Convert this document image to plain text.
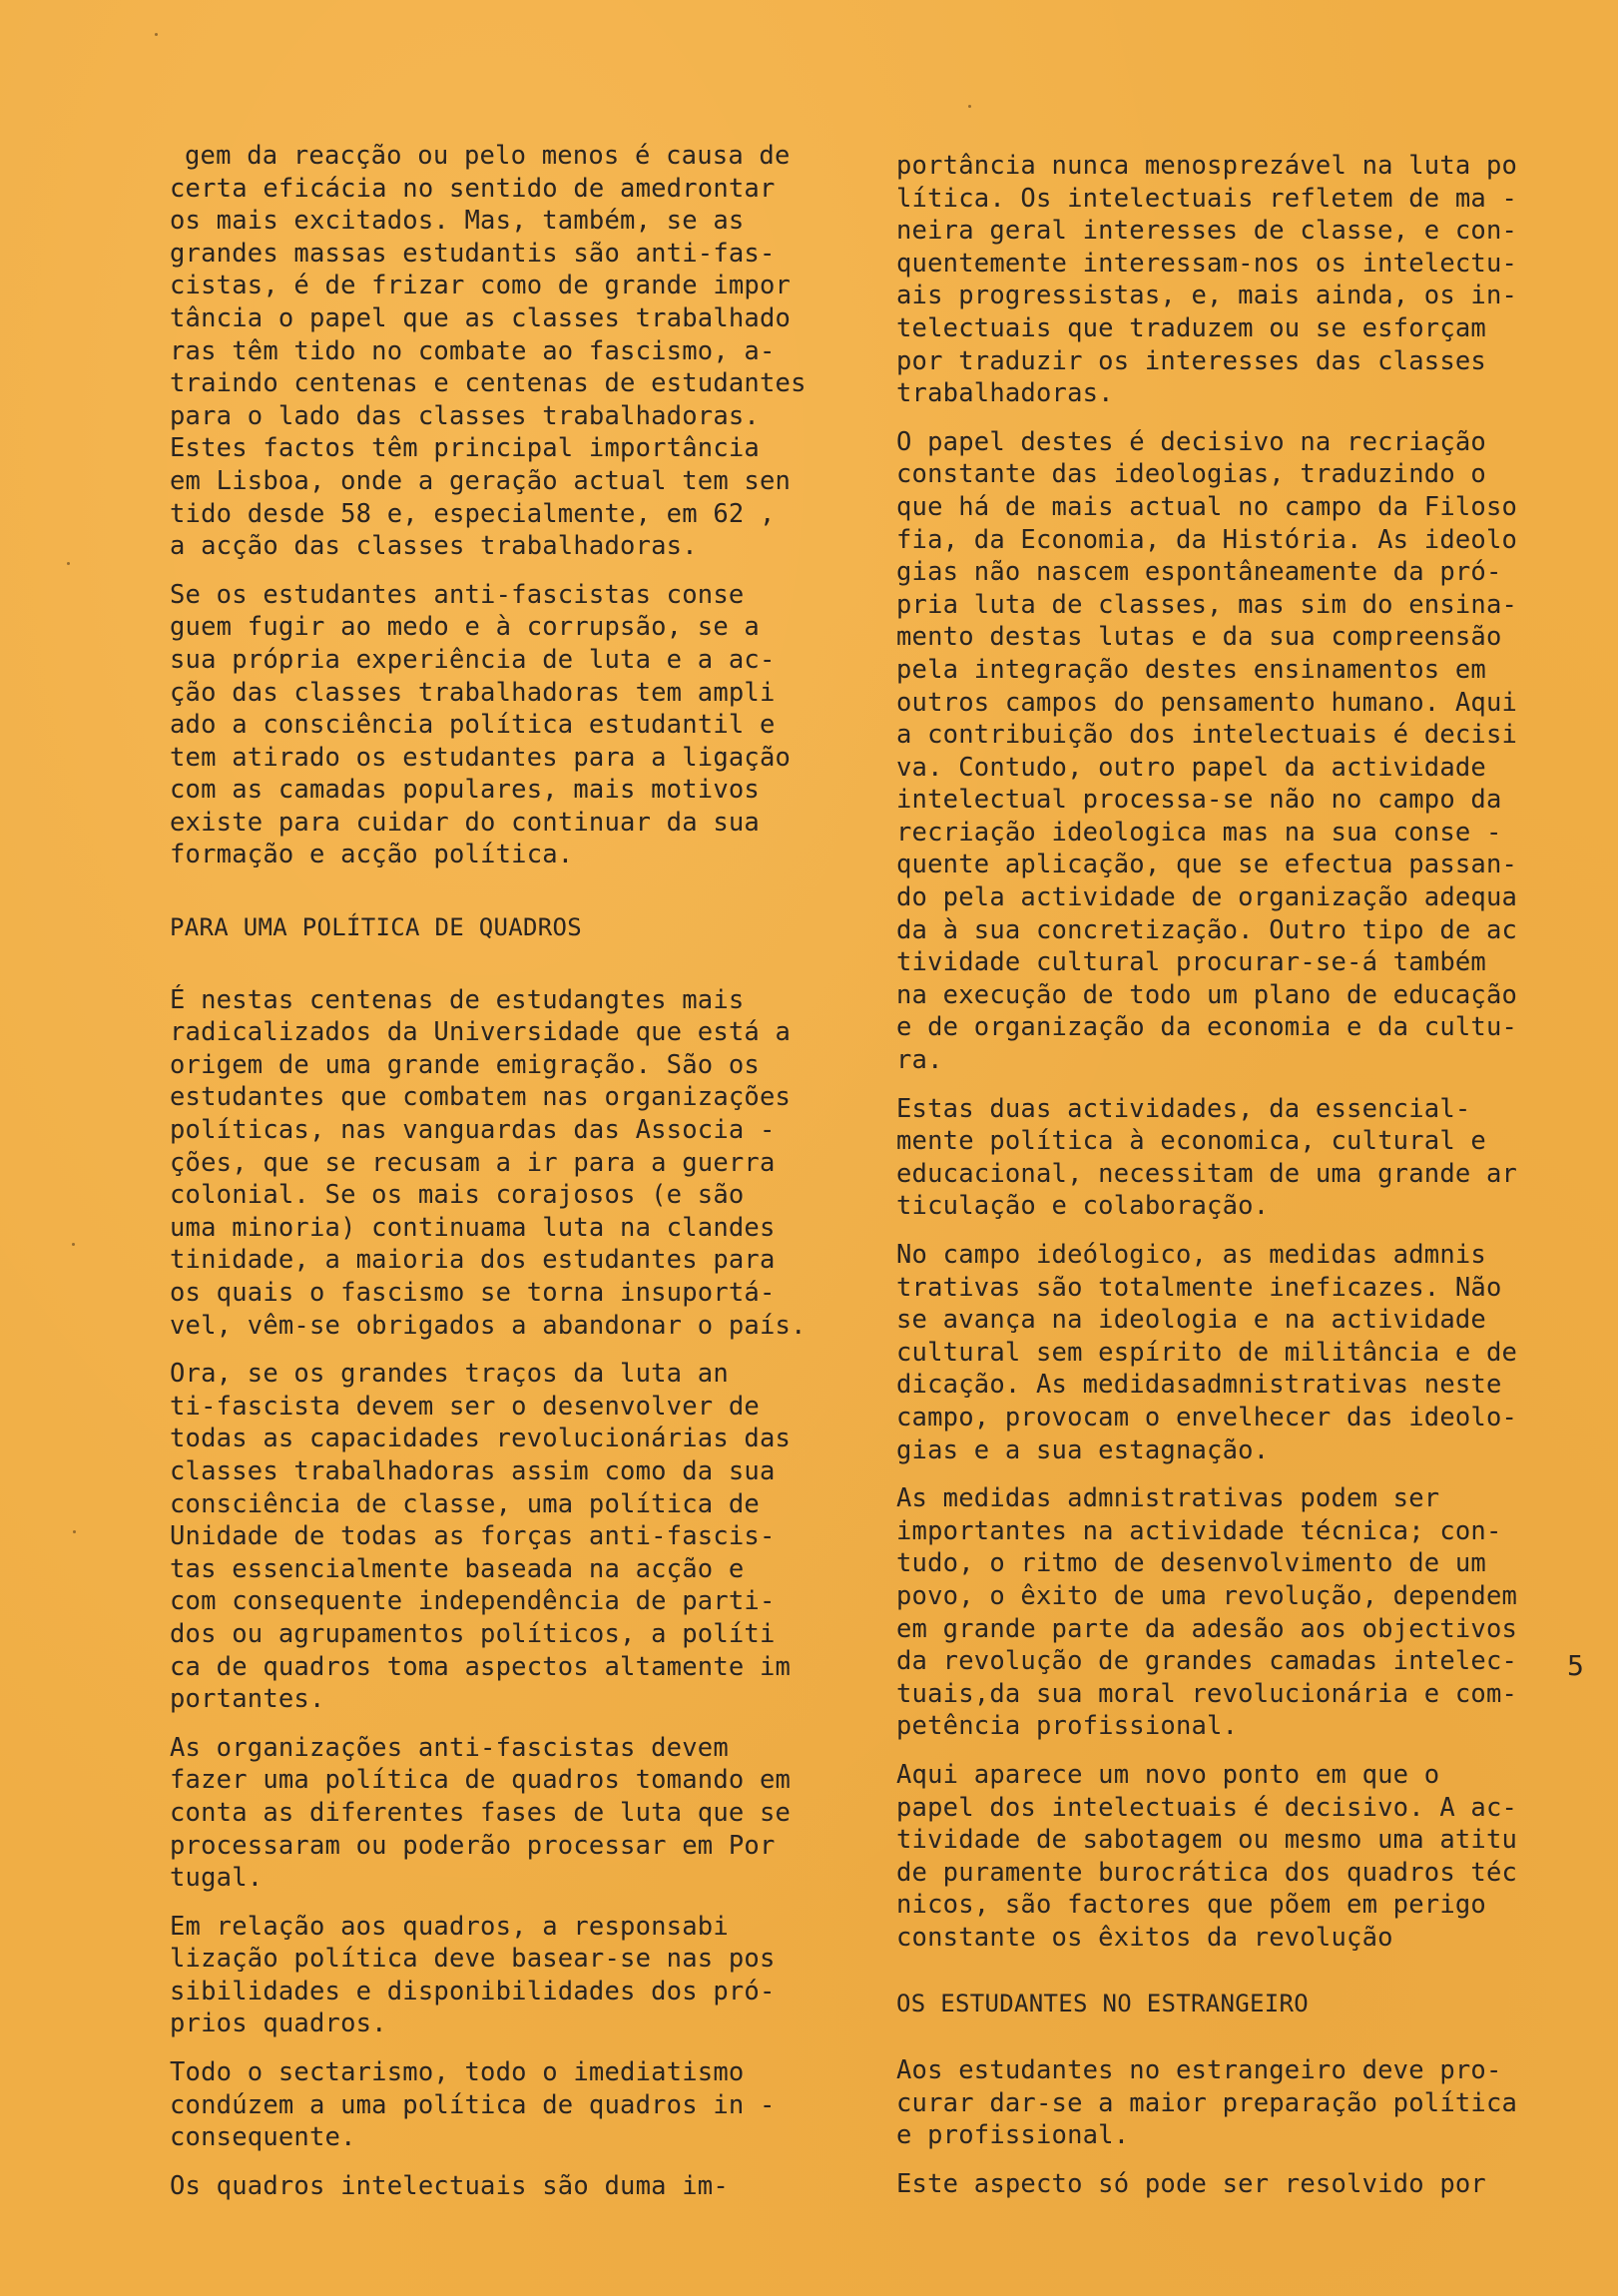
gem da reacção ou pelo menos é causa de
certa eficácia no sentido de amedrontar
os mais excitados. Mas, também, se as
grandes massas estudantis são anti-fas-
cistas, é de frizar como de grande impor
tância o papel que as classes trabalhado
ras têm tido no combate ao fascismo, a-
traindo centenas e centenas de estudantes
para o lado das classes trabalhadoras.
Estes factos têm principal importância
em Lisboa, onde a geração actual tem sen
tido desde 58 e, especialmente, em 62 ,
a acção das classes trabalhadoras.

Se os estudantes anti-fascistas conse
guem fugir ao medo e à corrupsão, se a
sua própria experiência de luta e a ac-
ção das classes trabalhadoras tem ampli
ado a consciência política estudantil e
tem atirado os estudantes para a ligação
com as camadas populares, mais motivos
existe para cuidar do continuar da sua
formação e acção política.

PARA UMA POLÍTICA DE QUADROS

É nestas centenas de estudangtes mais
radicalizados da Universidade que está a
origem de uma grande emigração. São os
estudantes que combatem nas organizações
políticas, nas vanguardas das Associa -
ções, que se recusam a ir para a guerra
colonial. Se os mais corajosos (e são
uma minoria) continuama luta na clandes
tinidade, a maioria dos estudantes para
os quais o fascismo se torna insuportá-
vel, vêm-se obrigados a abandonar o país.

Ora, se os grandes traços da luta an
ti-fascista devem ser o desenvolver de
todas as capacidades revolucionárias das
classes trabalhadoras assim como da sua
consciência de classe, uma política de
Unidade de todas as forças anti-fascis-
tas essencialmente baseada na acção e
com consequente independência de parti-
dos ou agrupamentos políticos, a políti
ca de quadros toma aspectos altamente im
portantes.

As organizações anti-fascistas devem
fazer uma política de quadros tomando em
conta as diferentes fases de luta que se
processaram ou poderão processar em Por
tugal.

Em relação aos quadros, a responsabi
lização política deve basear-se nas pos
sibilidades e disponibilidades dos pró-
prios quadros.

Todo o sectarismo, todo o imediatismo
condúzem a uma política de quadros in -
consequente.

Os quadros intelectuais são duma im-

portância nunca menosprezável na luta po
lítica. Os intelectuais refletem de ma -
neira geral interesses de classe, e con-
quentemente interessam-nos os intelectu-
ais progressistas, e, mais ainda, os in-
telectuais que traduzem ou se esforçam
por traduzir os interesses das classes
trabalhadoras.

O papel destes é decisivo na recriação
constante das ideologias, traduzindo o
que há de mais actual no campo da Filoso
fia, da Economia, da História. As ideolo
gias não nascem espontâneamente da pró-
pria luta de classes, mas sim do ensina-
mento destas lutas e da sua compreensão
pela integração destes ensinamentos em
outros campos do pensamento humano. Aqui
a contribuição dos intelectuais é decisi
va. Contudo, outro papel da actividade
intelectual processa-se não no campo da
recriação ideologica mas na sua conse -
quente aplicação, que se efectua passan-
do pela actividade de organização adequa
da à sua concretização. Outro tipo de ac
tividade cultural procurar-se-á também
na execução de todo um plano de educação
e de organização da economia e da cultu-
ra.

Estas duas actividades, da essencial-
mente política à economica, cultural e
educacional, necessitam de uma grande ar
ticulação e colaboração.

No campo ideólogico, as medidas admnis
trativas são totalmente ineficazes. Não
se avança na ideologia e na actividade
cultural sem espírito de militância e de
dicação. As medidasadmnistrativas neste
campo, provocam o envelhecer das ideolo-
gias e a sua estagnação.

As medidas admnistrativas podem ser
importantes na actividade técnica; con-
tudo, o ritmo de desenvolvimento de um
povo, o êxito de uma revolução, dependem
em grande parte da adesão aos objectivos
da revolução de grandes camadas intelec-
tuais,da sua moral revolucionária e com-
petência profissional.

Aqui aparece um novo ponto em que o
papel dos intelectuais é decisivo. A ac-
tividade de sabotagem ou mesmo uma atitu
de puramente burocrática dos quadros téc
nicos, são factores que põem em perigo
constante os êxitos da revolução

OS ESTUDANTES NO ESTRANGEIRO

Aos estudantes no estrangeiro deve pro-
curar dar-se a maior preparação política
e profissional.

Este aspecto só pode ser resolvido por

5
